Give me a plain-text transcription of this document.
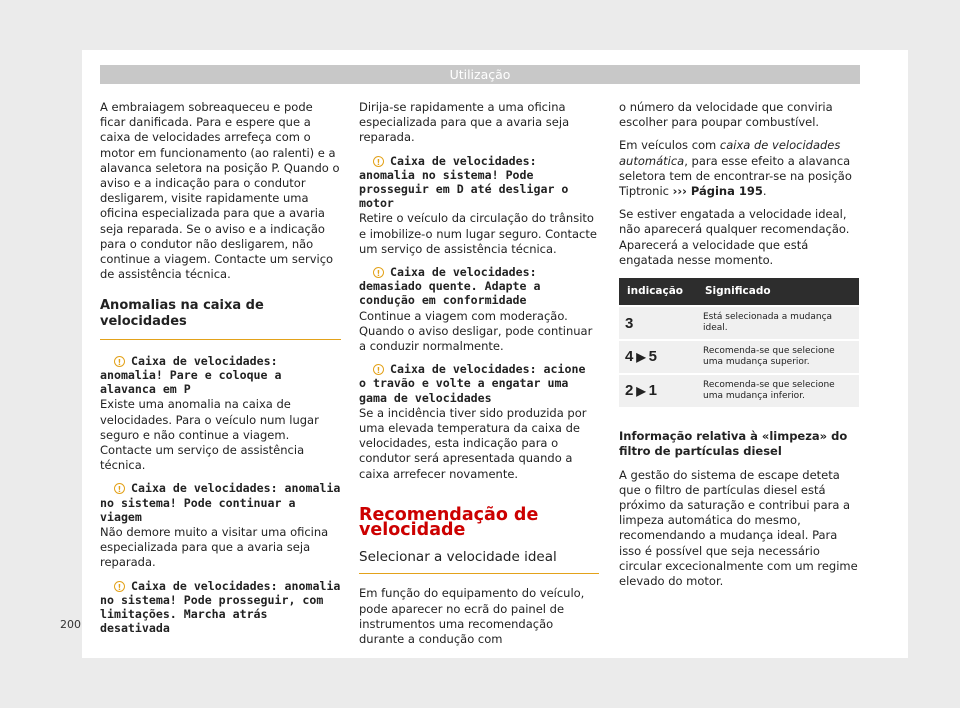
Utilização

A embraiagem sobreaqueceu e pode ficar danificada. Para e espere que a caixa de velocidades arrefeça com o motor em funcionamento (ao ralenti) e a alavanca seletora na posição P. Quando o aviso e a indicação para o condutor desligarem, visite rapidamente uma oficina especializada para que a avaria seja reparada. Se o aviso e a indicação para o condutor não desligarem, não continue a viagem. Contacte um serviço de assistência técnica.

Anomalias na caixa de velocidades
! Caixa de velocidades: anomalia! Pare e coloque a alavanca em P

Existe uma anomalia na caixa de velocidades. Para o veículo num lugar seguro e não continue a viagem. Contacte um serviço de assistência técnica.

! Caixa de velocidades: anomalia no sistema! Pode continuar a viagem

Não demore muito a visitar uma oficina especializada para que a avaria seja reparada.

! Caixa de velocidades: anomalia no sistema! Pode prosseguir, com limitações. Marcha atrás desativada

Dirija-se rapidamente a uma oficina especializada para que a avaria seja reparada.

! Caixa de velocidades: anomalia no sistema! Pode prosseguir em D até desligar o motor

Retire o veículo da circulação do trânsito e imobilize-o num lugar seguro. Contacte um serviço de assistência técnica.

! Caixa de velocidades: demasiado quente. Adapte a condução em conformidade

Continue a viagem com moderação. Quando o aviso desligar, pode continuar a conduzir normalmente.

! Caixa de velocidades: acione o travão e volte a engatar uma gama de velocidades

Se a incidência tiver sido produzida por uma elevada temperatura da caixa de velocidades, esta indicação para o condutor será apresentada quando a caixa arrefecer novamente.

Recomendação de velocidade
Selecionar a velocidade ideal

Em função do equipamento do veículo, pode aparecer no ecrã do painel de instrumentos uma recomendação durante a condução com

o número da velocidade que conviria escolher para poupar combustível.

Em veículos com caixa de velocidades automática, para esse efeito a alavanca seletora tem de encontrar-se na posição Tiptronic ››› Página 195.

Se estiver engatada a velocidade ideal, não aparecerá qualquer recomendação. Aparecerá a velocidade que está engatada nesse momento.

indicação	Significado
3	Está selecionada a mudança ideal.
4 ▶ 5	Recomenda-se que selecione uma mudança superior.
2 ▶ 1	Recomenda-se que selecione uma mudança inferior.

Informação relativa à «limpeza» do filtro de partículas diesel

A gestão do sistema de escape deteta que o filtro de partículas diesel está próximo da saturação e contribui para a limpeza automática do mesmo, recomendando a mudança ideal. Para isso é possível que seja necessário circular excecionalmente com um regime elevado do motor.

200
